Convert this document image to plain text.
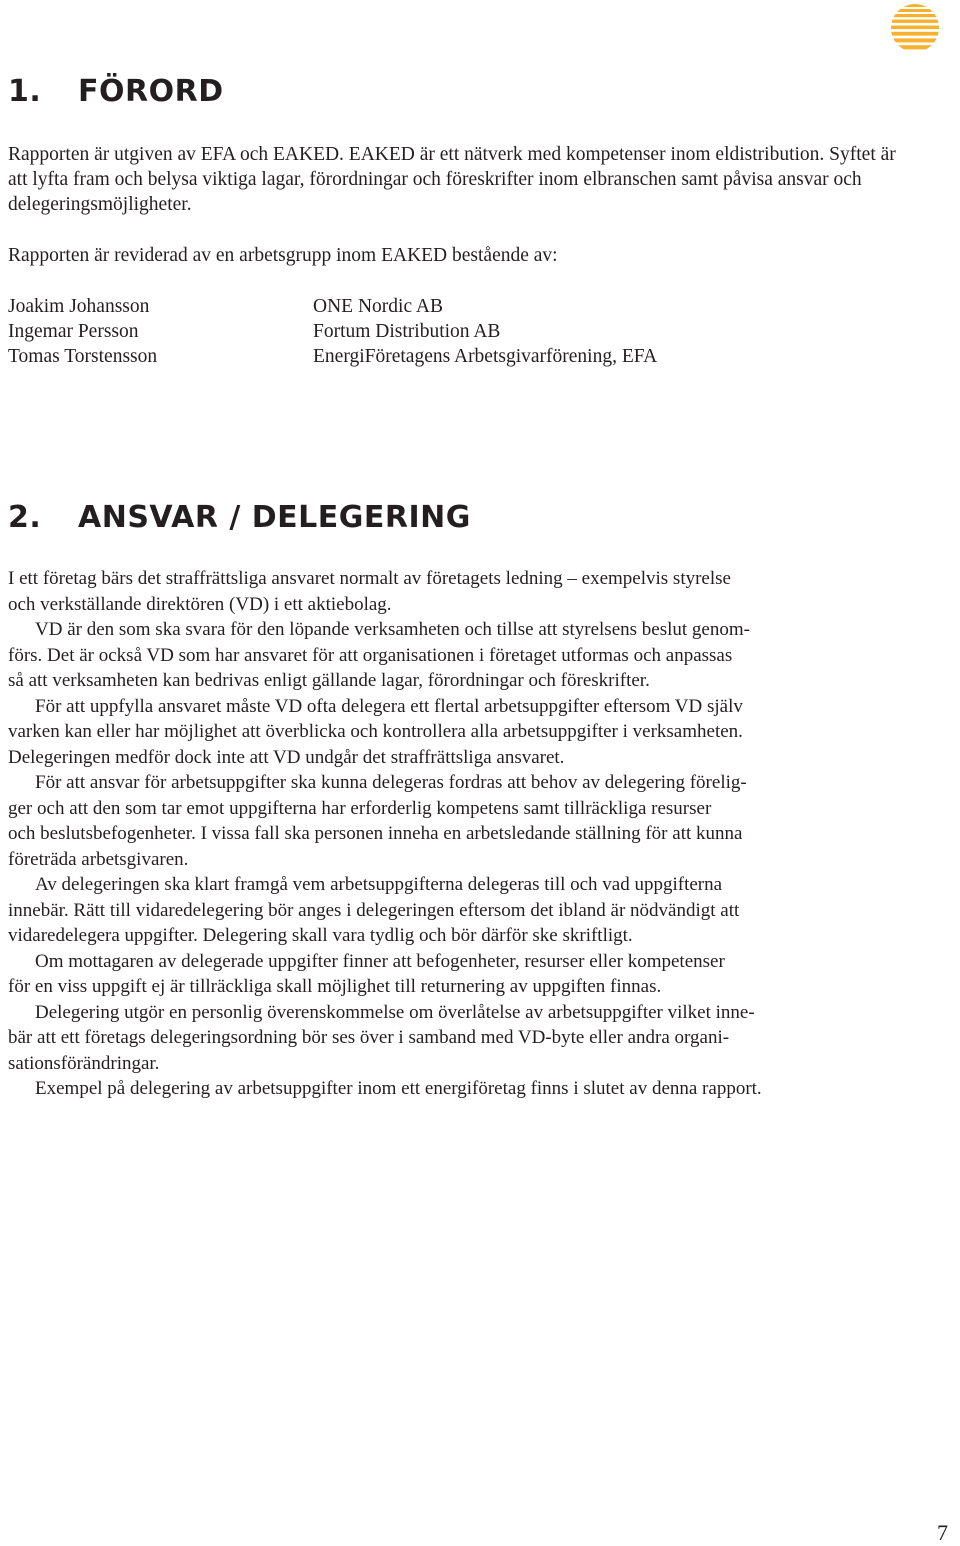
1. FÖRORD

Rapporten är utgiven av EFA och EAKED. EAKED är ett nätverk med kompetenser inom eldistribution. Syftet är att lyfta fram och belysa viktiga lagar, förordningar och föreskrifter inom elbranschen samt påvisa ansvar och delegeringsmöjligheter.

Rapporten är reviderad av en arbetsgrupp inom EAKED bestående av:

Joakim Johansson
Ingemar Persson
Tomas Torstensson
ONE Nordic AB
Fortum Distribution AB
EnergiFöretagens Arbetsgivarförening, EFA
2. ANSVAR / DELEGERING

I ett företag bärs det straffrättsliga ansvaret normalt av företagets ledning – exempelvis styrelse
och verkställande direktören (VD) i ett aktiebolag.

VD är den som ska svara för den löpande verksamheten och tillse att styrelsens beslut genom-
förs. Det är också VD som har ansvaret för att organisationen i företaget utformas och anpassas
så att verksamheten kan bedrivas enligt gällande lagar, förordningar och föreskrifter.

För att uppfylla ansvaret måste VD ofta delegera ett flertal arbetsuppgifter eftersom VD själv
varken kan eller har möjlighet att överblicka och kontrollera alla arbetsuppgifter i verksamheten.
Delegeringen medför dock inte att VD undgår det straffrättsliga ansvaret.

För att ansvar för arbetsuppgifter ska kunna delegeras fordras att behov av delegering förelig-
ger och att den som tar emot uppgifterna har erforderlig kompetens samt tillräckliga resurser
och beslutsbefogenheter. I vissa fall ska personen inneha en arbetsledande ställning för att kunna
företräda arbetsgivaren.

Av delegeringen ska klart framgå vem arbetsuppgifterna delegeras till och vad uppgifterna
innebär. Rätt till vidaredelegering bör anges i delegeringen eftersom det ibland är nödvändigt att
vidaredelegera uppgifter. Delegering skall vara tydlig och bör därför ske skriftligt.

Om mottagaren av delegerade uppgifter finner att befogenheter, resurser eller kompetenser
för en viss uppgift ej är tillräckliga skall möjlighet till returnering av uppgiften finnas.

Delegering utgör en personlig överenskommelse om överlåtelse av arbetsuppgifter vilket inne-
bär att ett företags delegeringsordning bör ses över i samband med VD-byte eller andra organi-
sationsförändringar.

Exempel på delegering av arbetsuppgifter inom ett energiföretag finns i slutet av denna rapport.

7
